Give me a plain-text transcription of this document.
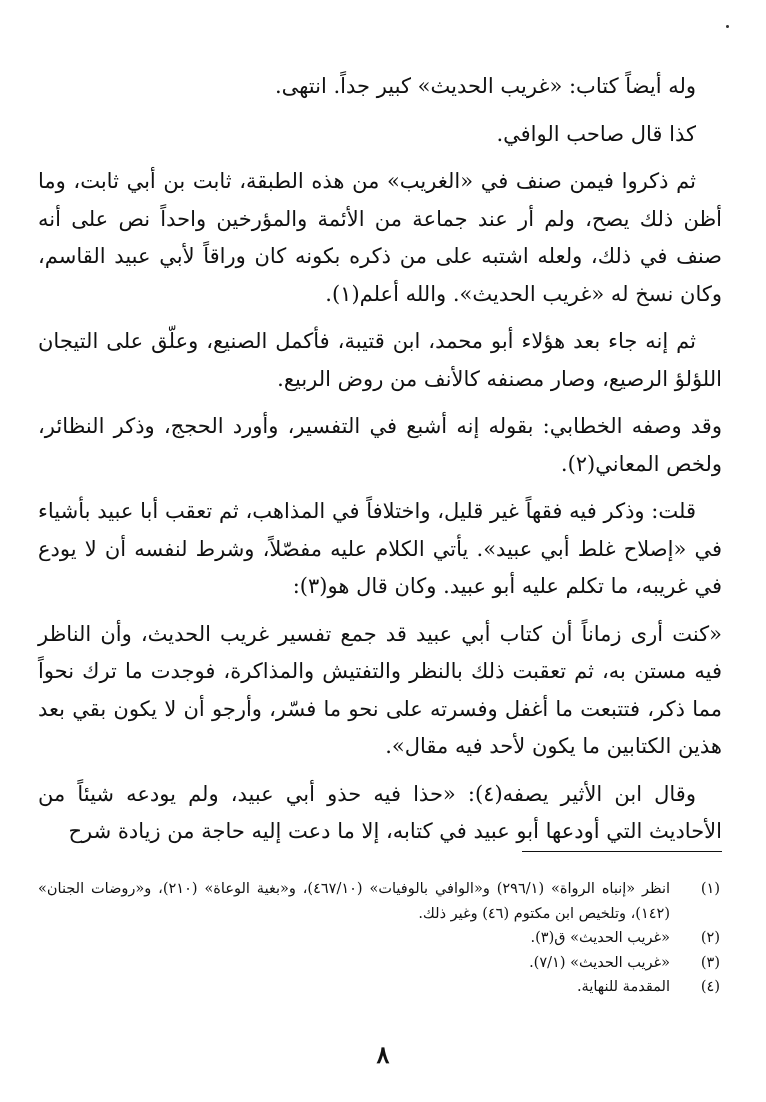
وله أيضاً كتاب: «غريب الحديث» كبير جداً. انتهى.

كذا قال صاحب الوافي.

ثم ذكروا فيمن صنف في «الغريب» من هذه الطبقة، ثابت بن أبي ثابت، وما أظن ذلك يصح، ولم أر عند جماعة من الأئمة والمؤرخين واحداً نص على أنه صنف في ذلك، ولعله اشتبه على من ذكره بكونه كان وراقاً لأبي عبيد القاسم، وكان نسخ له «غريب الحديث». والله أعلم(١).

ثم إنه جاء بعد هؤلاء أبو محمد، ابن قتيبة، فأكمل الصنيع، وعلّق على التيجان اللؤلؤ الرصيع، وصار مصنفه كالأنف من روض الربيع.

وقد وصفه الخطابي: بقوله إنه أشبع في التفسير، وأورد الحجج، وذكر النظائر، ولخص المعاني(٢).

قلت: وذكر فيه فقهاً غير قليل، واختلافاً في المذاهب، ثم تعقب أبا عبيد بأشياء في «إصلاح غلط أبي عبيد». يأتي الكلام عليه مفصّلاً، وشرط لنفسه أن لا يودع في غريبه، ما تكلم عليه أبو عبيد. وكان قال هو(٣):

«كنت أرى زماناً أن كتاب أبي عبيد قد جمع تفسير غريب الحديث، وأن الناظر فيه مستن به، ثم تعقبت ذلك بالنظر والتفتيش والمذاكرة، فوجدت ما ترك نحواً مما ذكر، فتتبعت ما أغفل وفسرته على نحو ما فسّر، وأرجو أن لا يكون بقي بعد هذين الكتابين ما يكون لأحد فيه مقال».

وقال ابن الأثير يصفه(٤): «حذا فيه حذو أبي عبيد، ولم يودعه شيئاً من الأحاديث التي أودعها أبو عبيد في كتابه، إلا ما دعت إليه حاجة من زيادة شرح

(١)انظر «إنباه الرواة» (٢٩٦/١) و«الوافي بالوفيات» (٤٦٧/١٠)، و«بغية الوعاة» (٢١٠)، و«روضات الجنان» (١٤٢)، وتلخيص ابن مكتوم (٤٦) وغير ذلك.

(٢)«غريب الحديث» ق(٣).

(٣)«غريب الحديث» (٧/١).

(٤)المقدمة للنهاية.

٨
